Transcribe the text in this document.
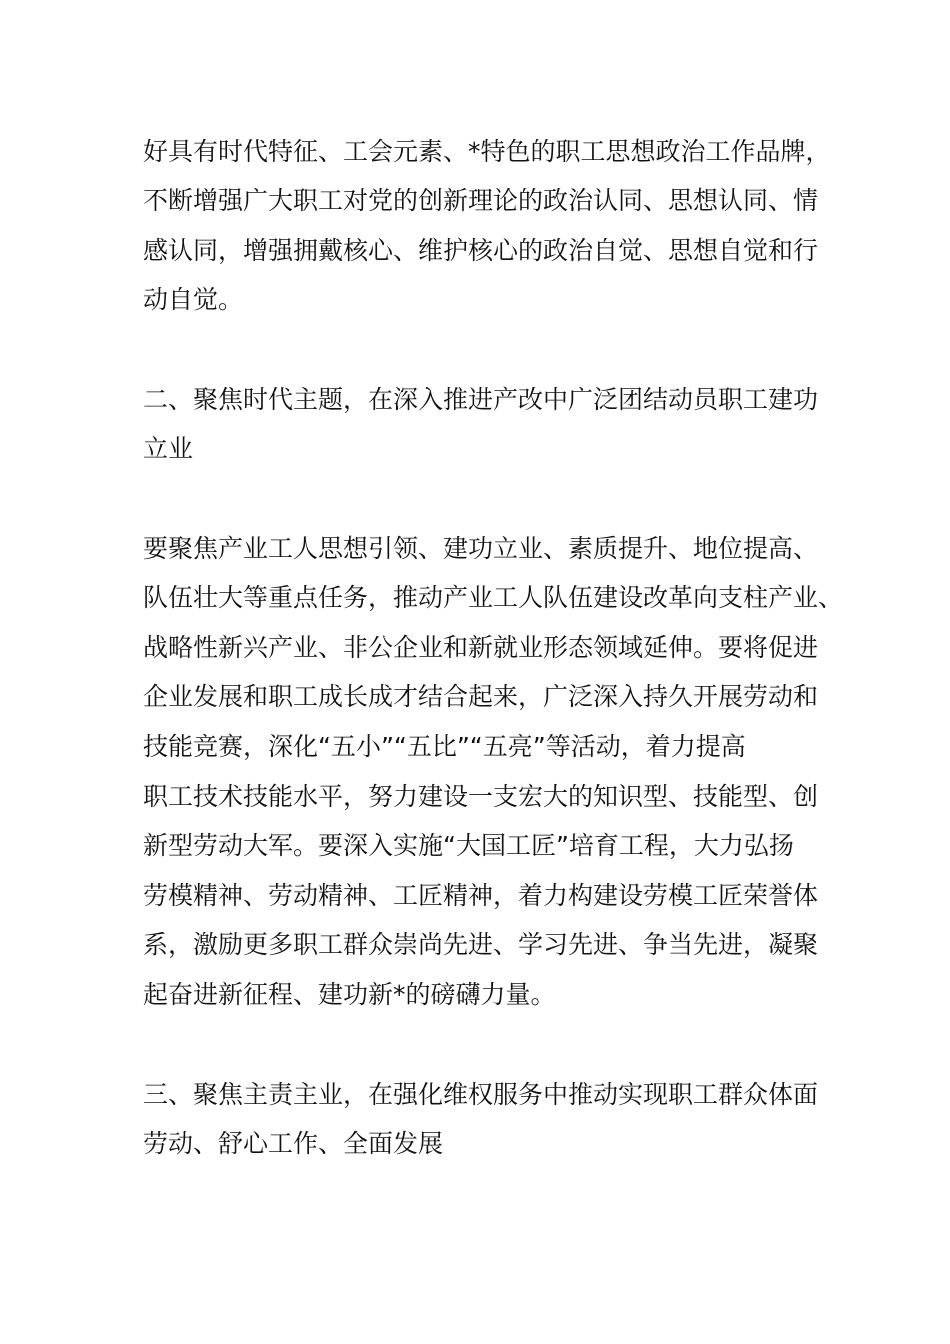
好具有时代特征、工会元素、*特色的职工思想政治工作品牌，
不断增强广大职工对党的创新理论的政治认同、思想认同、情
感认同，增强拥戴核心、维护核心的政治自觉、思想自觉和行
动自觉。
二、聚焦时代主题，在深入推进产改中广泛团结动员职工建功
立业
要聚焦产业工人思想引领、建功立业、素质提升、地位提高、
队伍壮大等重点任务，推动产业工人队伍建设改革向支柱产业、
战略性新兴产业、非公企业和新就业形态领域延伸。要将促进
企业发展和职工成长成才结合起来，广泛深入持久开展劳动和
技能竞赛，深化“五小”“五比”“五亮”等活动，着力提高
职工技术技能水平，努力建设一支宏大的知识型、技能型、创
新型劳动大军。要深入实施“大国工匠”培育工程，大力弘扬
劳模精神、劳动精神、工匠精神，着力构建设劳模工匠荣誉体
系，激励更多职工群众崇尚先进、学习先进、争当先进，凝聚
起奋进新征程、建功新*的磅礴力量。
三、聚焦主责主业，在强化维权服务中推动实现职工群众体面
劳动、舒心工作、全面发展
